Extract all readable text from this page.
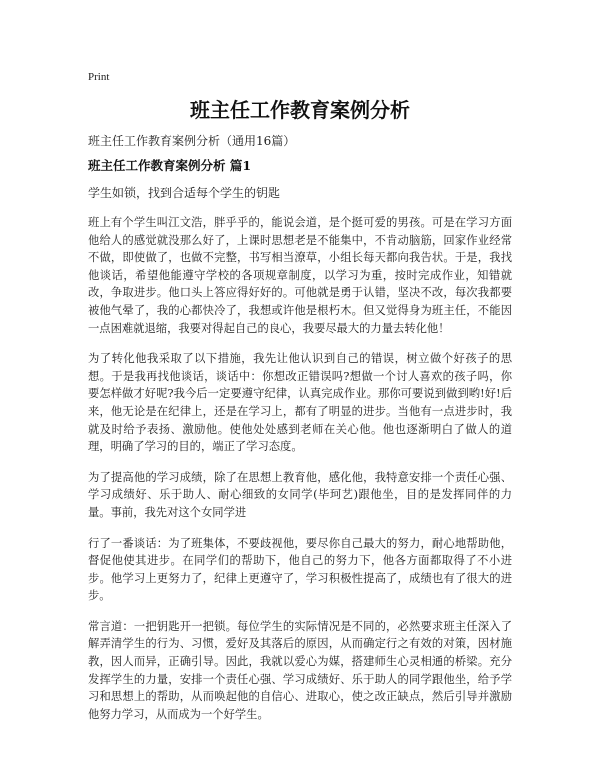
Print
班主任工作教育案例分析

班主任工作教育案例分析（通用16篇）

班主任工作教育案例分析 篇1

学生如锁，找到合适每个学生的钥匙

班上有个学生叫江文浩，胖乎乎的，能说会道，是个挺可爱的男孩。可是在学习方面他给人的感觉就没那么好了，上课时思想老是不能集中，不肯动脑筋，回家作业经常不做，即使做了，也做不完整，书写相当潦草，小组长每天都向我告状。于是，我找他谈话，希望他能遵守学校的各项规章制度，以学习为重，按时完成作业，知错就改，争取进步。他口头上答应得好好的。可他就是勇于认错，坚决不改，每次我都要被他气晕了，我的心都快冷了，我想或许他是根朽木。但又觉得身为班主任，不能因一点困难就退缩，我要对得起自己的良心，我要尽最大的力量去转化他！

为了转化他我采取了以下措施，我先让他认识到自己的错误，树立做个好孩子的思想。于是我再找他谈话，谈话中：你想改正错误吗?想做一个讨人喜欢的孩子吗，你要怎样做才好呢?我今后一定要遵守纪律，认真完成作业。那你可要说到做到哟!好!后来，他无论是在纪律上，还是在学习上，都有了明显的进步。当他有一点进步时，我就及时给予表扬、激励他。使他处处感到老师在关心他。他也逐渐明白了做人的道理，明确了学习的目的，端正了学习态度。

为了提高他的学习成绩，除了在思想上教育他，感化他，我特意安排一个责任心强、学习成绩好、乐于助人、耐心细致的女同学(毕珂艺)跟他坐，目的是发挥同伴的力量。事前，我先对这个女同学进

行了一番谈话：为了班集体，不要歧视他，要尽你自己最大的努力，耐心地帮助他，督促他使其进步。在同学们的帮助下，他自己的努力下，他各方面都取得了不小进步。他学习上更努力了，纪律上更遵守了，学习积极性提高了，成绩也有了很大的进步。

常言道：一把钥匙开一把锁。每位学生的实际情况是不同的，必然要求班主任深入了解弄清学生的行为、习惯，爱好及其落后的原因，从而确定行之有效的对策，因材施教，因人而异，正确引导。因此，我就以爱心为媒，搭建师生心灵相通的桥梁。充分发挥学生的力量，安排一个责任心强、学习成绩好、乐于助人的同学跟他坐，给予学习和思想上的帮助，从而唤起他的自信心、进取心，使之改正缺点，然后引导并激励他努力学习，从而成为一个好学生。
